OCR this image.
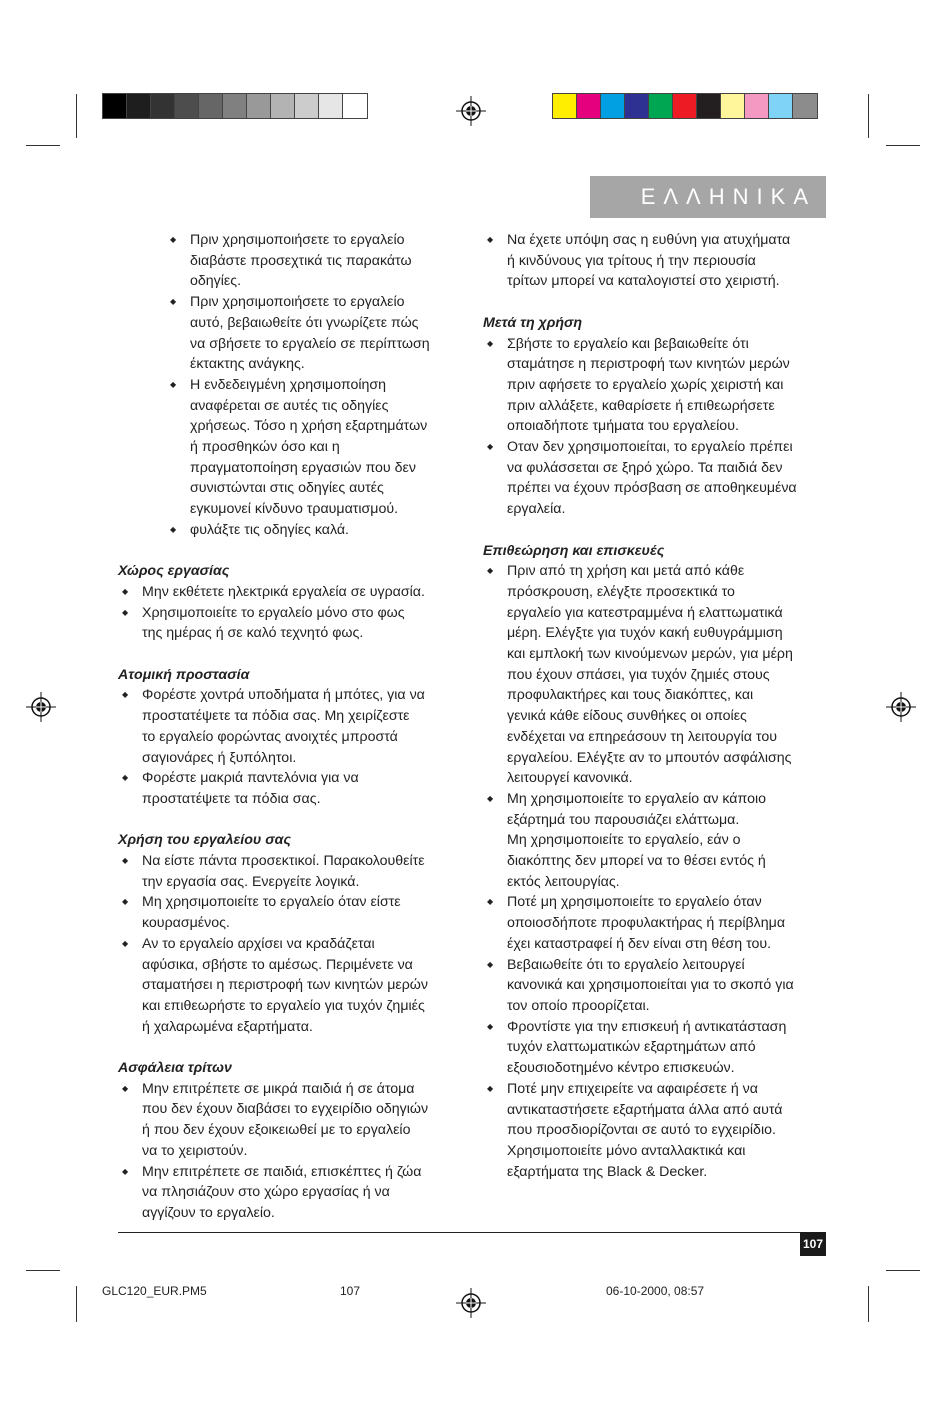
ΕΛΛΗΝΙΚΑ
◆ Πριν χρησιμοποιήσετε το εργαλείο
διαβάστε προσεχτικά τις παρακάτω
οδηγίες.
◆ Πριν χρησιμοποιήσετε το εργαλείο
αυτό, βεβαιωθείτε ότι γνωρίζετε πώς
να σβήσετε το εργαλείο σε περίπτωση
έκτακτης ανάγκης.
◆ Η ενδεδειγμένη χρησιμοποίηση
αναφέρεται σε αυτές τις οδηγίες
χρήσεως. Τόσο η χρήση εξαρτημάτων
ή προσθηκών όσο και η
πραγματοποίηση εργασιών που δεν
συνιστώνται στις οδηγίες αυτές
εγκυμονεί κίνδυνο τραυματισμού.
◆ φυλάξτε τις οδηγίες καλά.
Χώρος εργασίας
◆ Μην εκθέτετε ηλεκτρικά εργαλεία σε υγρασία.
◆ Χρησιμοποιείτε το εργαλείο μόνο στο φως
της ημέρας ή σε καλό τεχνητό φως.
Ατομική προστασία
◆ Φορέστε χοντρά υποδήματα ή μπότες, για να
προστατέψετε τα πόδια σας. Μη χειρίζεστε
το εργαλείο φορώντας ανοιχτές μπροστά
σαγιονάρες ή ξυπόλητοι.
◆ Φορέστε μακριά παντελόνια για να
προστατέψετε τα πόδια σας.
Χρήση του εργαλείου σας
◆ Να είστε πάντα προσεκτικοί. Παρακολουθείτε
την εργασία σας. Ενεργείτε λογικά.
◆ Μη χρησιμοποιείτε το εργαλείο όταν είστε
κουρασμένος.
◆ Αν το εργαλείο αρχίσει να κραδάζεται
αφύσικα, σβήστε το αμέσως. Περιμένετε να
σταματήσει η περιστροφή των κινητών μερών
και επιθεωρήστε το εργαλείο για τυχόν ζημιές
ή χαλαρωμένα εξαρτήματα.
Ασφάλεια τρίτων
◆ Μην επιτρέπετε σε μικρά παιδιά ή σε άτομα
που δεν έχουν διαβάσει το εγχειρίδιο οδηγιών
ή που δεν έχουν εξοικειωθεί με το εργαλείο
να το χειριστούν.
◆ Μην επιτρέπετε σε παιδιά, επισκέπτες ή ζώα
να πλησιάζουν στο χώρο εργασίας ή να
αγγίζουν το εργαλείο.
◆ Να έχετε υπόψη σας η ευθύνη για ατυχήματα
ή κινδύνους για τρίτους ή την περιουσία
τρίτων μπορεί να καταλογιστεί στο χειριστή.
Μετά τη χρήση
◆ Σβήστε το εργαλείο και βεβαιωθείτε ότι
σταμάτησε η περιστροφή των κινητών μερών
πριν αφήσετε το εργαλείο χωρίς χειριστή και
πριν αλλάξετε, καθαρίσετε ή επιθεωρήσετε
οποιαδήποτε τμήματα του εργαλείου.
◆ Οταν δεν χρησιμοποιείται, το εργαλείο πρέπει
να φυλάσσεται σε ξηρό χώρο. Τα παιδιά δεν
πρέπει να έχουν πρόσβαση σε αποθηκευμένα
εργαλεία.
Επιθεώρηση και επισκευές
◆ Πριν από τη χρήση και μετά από κάθε
πρόσκρουση, ελέγξτε προσεκτικά το
εργαλείο για κατεστραμμένα ή ελαττωματικά
μέρη. Ελέγξτε για τυχόν κακή ευθυγράμμιση
και εμπλοκή των κινούμενων μερών, για μέρη
που έχουν σπάσει, για τυχόν ζημιές στους
προφυλακτήρες και τους διακόπτες, και
γενικά κάθε είδους συνθήκες οι οποίες
ενδέχεται να επηρεάσουν τη λειτουργία του
εργαλείου. Ελέγξτε αν το μπουτόν ασφάλισης
λειτουργεί κανονικά.
◆ Μη χρησιμοποιείτε το εργαλείο αν κάποιο
εξάρτημά του παρουσιάζει ελάττωμα.
Μη χρησιμοποιείτε το εργαλείο, εάν ο
διακόπτης δεν μπορεί να το θέσει εντός ή
εκτός λειτουργίας.
◆ Ποτέ μη χρησιμοποιείτε το εργαλείο όταν
οποιοσδήποτε προφυλακτήρας ή περίβλημα
έχει καταστραφεί ή δεν είναι στη θέση του.
◆ Βεβαιωθείτε ότι το εργαλείο λειτουργεί
κανονικά και χρησιμοποιείται για το σκοπό για
τον οποίο προορίζεται.
◆ Φροντίστε για την επισκευή ή αντικατάσταση
τυχόν ελαττωματικών εξαρτημάτων από
εξουσιοδοτημένο κέντρο επισκευών.
◆ Ποτέ μην επιχειρείτε να αφαιρέσετε ή να
αντικαταστήσετε εξαρτήματα άλλα από αυτά
που προσδιορίζονται σε αυτό το εγχειρίδιο.
Χρησιμοποιείτε μόνο ανταλλακτικά και
εξαρτήματα της Black & Decker.
107
GLC120_EUR.PM5	107	06-10-2000, 08:57
